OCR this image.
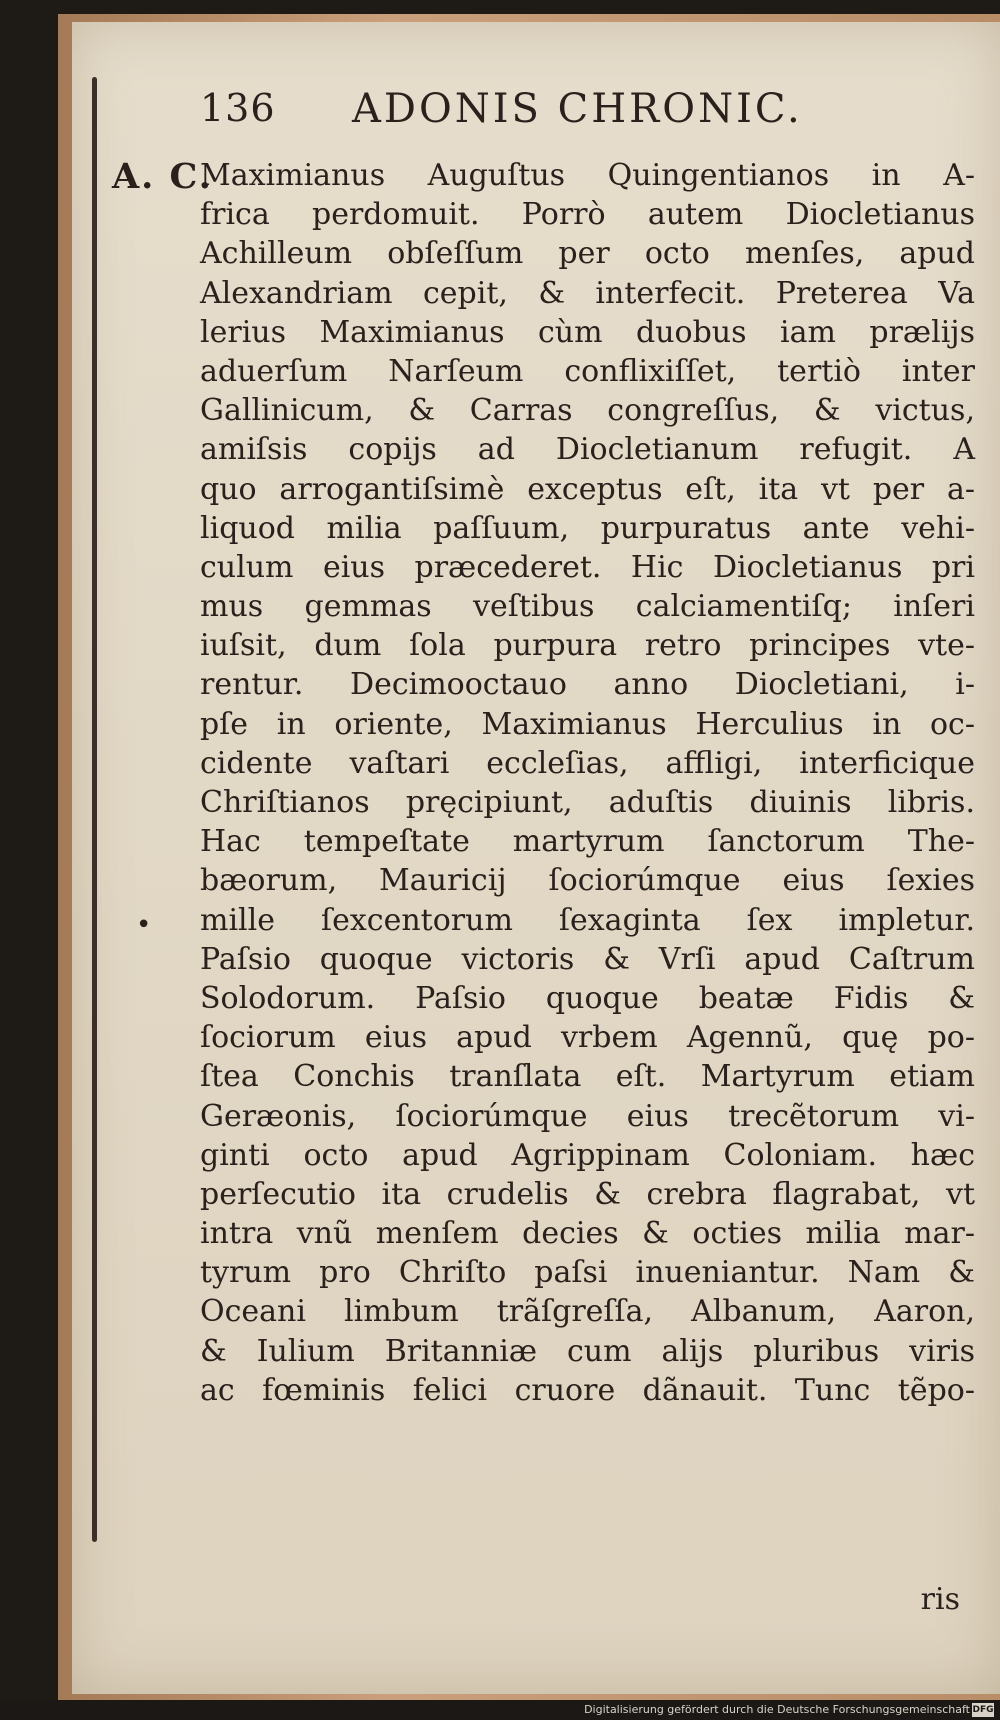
136 ADONIS CHRONIC.
A. C.
•
Maximianus Auguſtus Quingentianos in A-
frica perdomuit. Porrò autem Diocletianus
Achilleum obſeſſum per octo menſes, apud
Alexandriam cepit, & interfecit. Preterea Va
lerius Maximianus cùm duobus iam prælijs
aduerſum Narſeum conflixiſſet, tertiò inter
Gallinicum, & Carras congreſſus, & victus,
amiſsis copijs ad Diocletianum refugit. A
quo arrogantiſsimè exceptus eſt, ita vt per a-
liquod milia paſſuum, purpuratus ante vehi-
culum eius præcederet. Hic Diocletianus pri
mus gemmas veſtibus calciamentiſq; inſeri
iuſsit, dum ſola purpura retro principes vte-
rentur. Decimooctauo anno Diocletiani, i-
pſe in oriente, Maximianus Herculius in oc-
cidente vaſtari eccleſias, affligi, interficique
Chriſtianos pręcipiunt, aduſtis diuinis libris.
Hac tempeſtate martyrum ſanctorum The-
bæorum, Mauricij ſociorúmque eius ſexies
mille ſexcentorum ſexaginta ſex impletur.
Paſsio quoque victoris & Vrſi apud Caſtrum
Solodorum. Paſsio quoque beatæ Fidis &
ſociorum eius apud vrbem Agennũ, quę po-
ſtea Conchis tranſlata eſt. Martyrum etiam
Geræonis, ſociorúmque eius trecẽtorum vi-
ginti octo apud Agrippinam Coloniam. hæc
perſecutio ita crudelis & crebra flagrabat, vt
intra vnũ menſem decies & octies milia mar-
tyrum pro Chriſto paſsi inueniantur. Nam &
Oceani limbum trãſgreſſa, Albanum, Aaron,
& Iulium Britanniæ cum alijs pluribus viris
ac fœminis felici cruore dãnauit. Tunc tẽpo-
ris
Digitalisierung gefördert durch die Deutsche Forschungsgemeinschaft DFG
